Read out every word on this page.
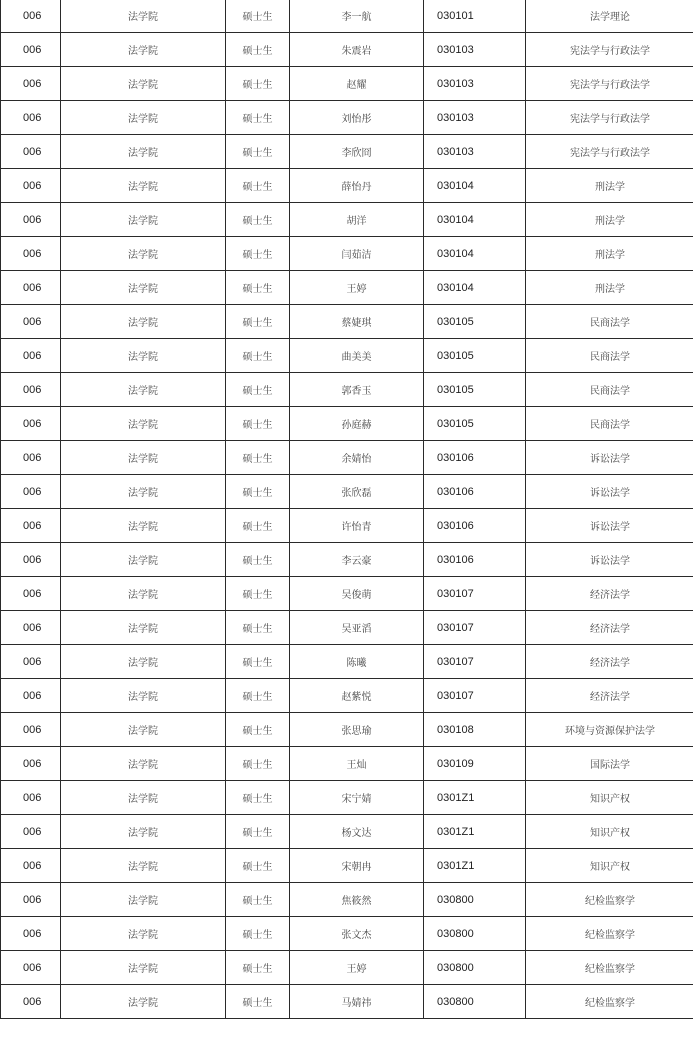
006	法学院	硕士生	李一航	030101	法学理论
006	法学院	硕士生	朱震岩	030103	宪法学与行政法学
006	法学院	硕士生	赵耀	030103	宪法学与行政法学
006	法学院	硕士生	刘怡彤	030103	宪法学与行政法学
006	法学院	硕士生	李欣冏	030103	宪法学与行政法学
006	法学院	硕士生	薛怡丹	030104	刑法学
006	法学院	硕士生	胡洋	030104	刑法学
006	法学院	硕士生	闫茹洁	030104	刑法学
006	法学院	硕士生	王婷	030104	刑法学
006	法学院	硕士生	蔡婕琪	030105	民商法学
006	法学院	硕士生	曲美美	030105	民商法学
006	法学院	硕士生	郭香玉	030105	民商法学
006	法学院	硕士生	孙庭赫	030105	民商法学
006	法学院	硕士生	余婧怡	030106	诉讼法学
006	法学院	硕士生	张欣磊	030106	诉讼法学
006	法学院	硕士生	许怡青	030106	诉讼法学
006	法学院	硕士生	李云豪	030106	诉讼法学
006	法学院	硕士生	吴俊萌	030107	经济法学
006	法学院	硕士生	吴亚滔	030107	经济法学
006	法学院	硕士生	陈曦	030107	经济法学
006	法学院	硕士生	赵紫悦	030107	经济法学
006	法学院	硕士生	张思瑜	030108	环境与资源保护法学
006	法学院	硕士生	王灿	030109	国际法学
006	法学院	硕士生	宋宁婧	0301Z1	知识产权
006	法学院	硕士生	杨文达	0301Z1	知识产权
006	法学院	硕士生	宋朝冉	0301Z1	知识产权
006	法学院	硕士生	焦筱然	030800	纪检监察学
006	法学院	硕士生	张文杰	030800	纪检监察学
006	法学院	硕士生	王婷	030800	纪检监察学
006	法学院	硕士生	马婧祎	030800	纪检监察学
